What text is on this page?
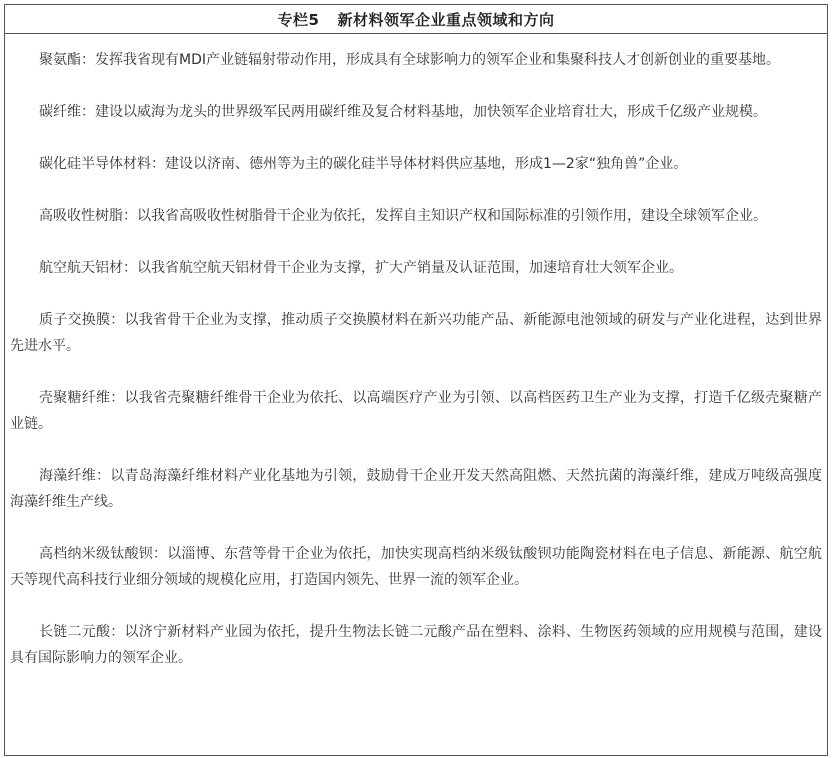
专栏5 新材料领军企业重点领域和方向

聚氨酯：发挥我省现有MDI产业链辐射带动作用，形成具有全球影响力的领军企业和集聚科技人才创新创业的重要基地。

碳纤维：建设以威海为龙头的世界级军民两用碳纤维及复合材料基地，加快领军企业培育壮大，形成千亿级产业规模。

碳化硅半导体材料：建设以济南、德州等为主的碳化硅半导体材料供应基地，形成1—2家“独角兽”企业。

高吸收性树脂：以我省高吸收性树脂骨干企业为依托，发挥自主知识产权和国际标准的引领作用，建设全球领军企业。

航空航天铝材：以我省航空航天铝材骨干企业为支撑，扩大产销量及认证范围，加速培育壮大领军企业。

质子交换膜：以我省骨干企业为支撑，推动质子交换膜材料在新兴功能产品、新能源电池领域的研发与产业化进程，达到世界先进水平。

壳聚糖纤维：以我省壳聚糖纤维骨干企业为依托、以高端医疗产业为引领、以高档医药卫生产业为支撑，打造千亿级壳聚糖产业链。

海藻纤维：以青岛海藻纤维材料产业化基地为引领，鼓励骨干企业开发天然高阻燃、天然抗菌的海藻纤维，建成万吨级高强度海藻纤维生产线。

高档纳米级钛酸钡：以淄博、东营等骨干企业为依托，加快实现高档纳米级钛酸钡功能陶瓷材料在电子信息、新能源、航空航天等现代高科技行业细分领域的规模化应用，打造国内领先、世界一流的领军企业。

长链二元酸：以济宁新材料产业园为依托，提升生物法长链二元酸产品在塑料、涂料、生物医药领域的应用规模与范围，建设具有国际影响力的领军企业。
